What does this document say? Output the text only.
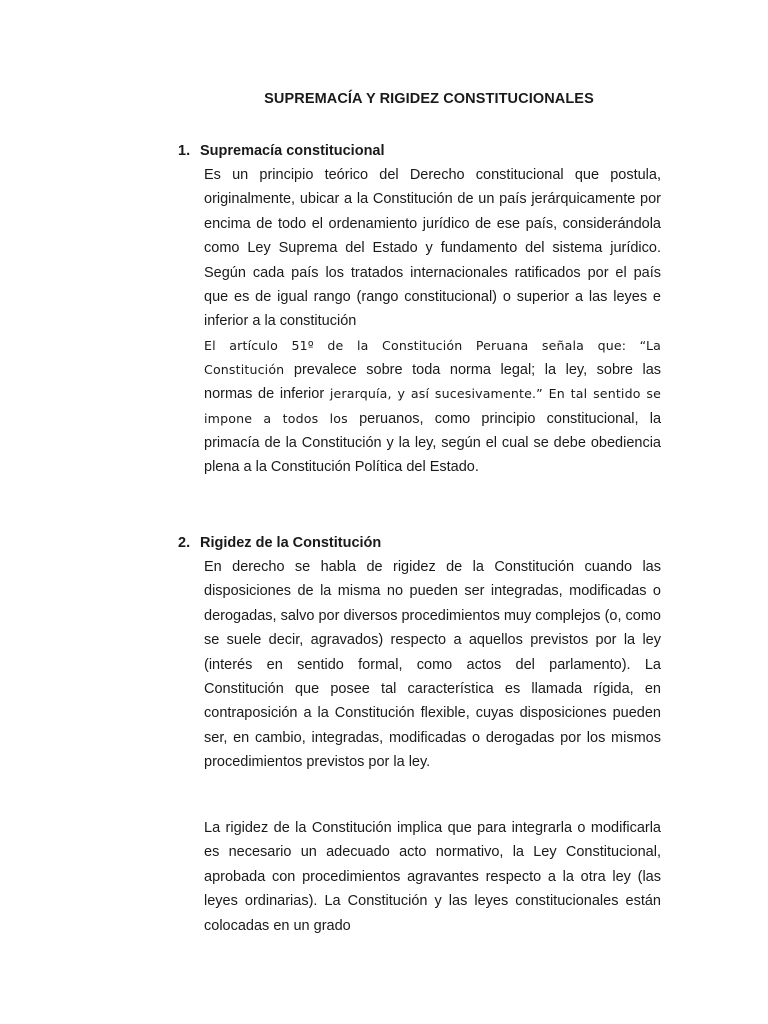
SUPREMACÍA Y RIGIDEZ CONSTITUCIONALES
1. Supremacía constitucional
Es un principio teórico del Derecho constitucional que postula, originalmente, ubicar a la Constitución de un país jerárquicamente por encima de todo el ordenamiento jurídico de ese país, considerándola como Ley Suprema del Estado y fundamento del sistema jurídico. Según cada país los tratados internacionales ratificados por el país que es de igual rango (rango constitucional) o superior a las leyes e inferior a la constitución
El artículo 51º de la Constitución Peruana señala que: “La Constitución prevalece sobre toda norma legal; la ley, sobre las normas de inferior jerarquía, y así sucesivamente.” En tal sentido se impone a todos los peruanos, como principio constitucional, la primacía de la Constitución y la ley, según el cual se debe obediencia plena a la Constitución Política del Estado.
2. Rigidez de la Constitución
En derecho se habla de rigidez de la Constitución cuando las disposiciones de la misma no pueden ser integradas, modificadas o derogadas, salvo por diversos procedimientos muy complejos (o, como se suele decir, agravados) respecto a aquellos previstos por la ley (interés en sentido formal, como actos del parlamento). La Constitución que posee tal característica es llamada rígida, en contraposición a la Constitución flexible, cuyas disposiciones pueden ser, en cambio, integradas, modificadas o derogadas por los mismos procedimientos previstos por la ley.
La rigidez de la Constitución implica que para integrarla o modificarla es necesario un adecuado acto normativo, la Ley Constitucional, aprobada con procedimientos agravantes respecto a la otra ley (las leyes ordinarias). La Constitución y las leyes constitucionales están colocadas en un grado
